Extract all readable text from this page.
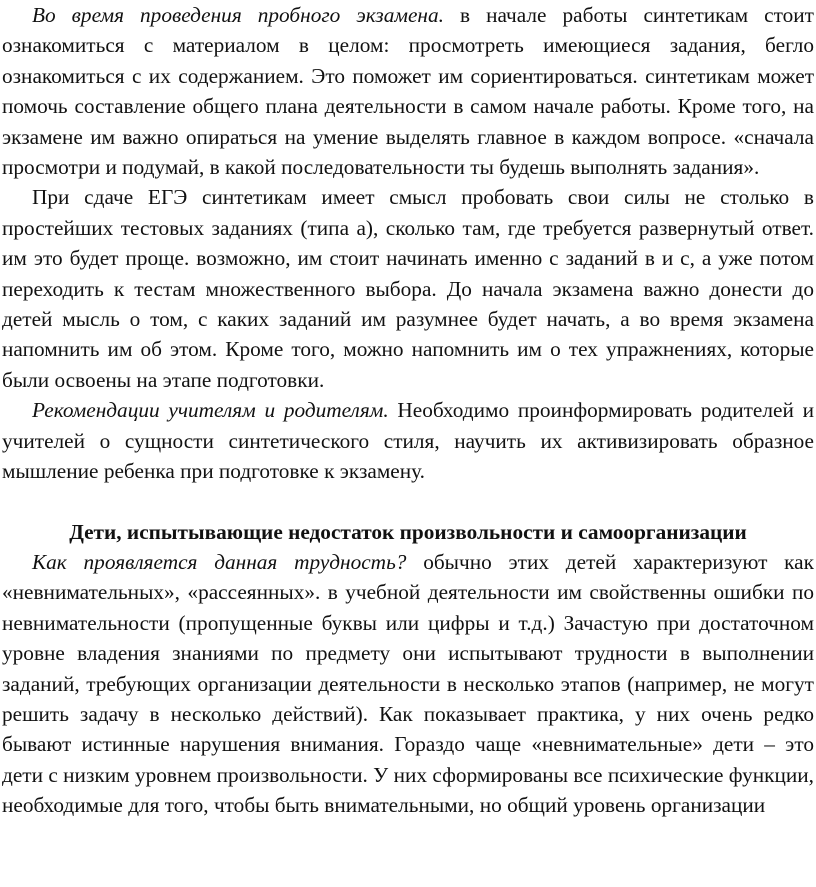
Во время проведения пробного экзамена. в начале работы синтетикам стоит ознакомиться с материалом в целом: просмотреть имеющиеся задания, бегло ознакомиться с их содержанием. Это поможет им сориентироваться. синтетикам может помочь составление общего плана деятельности в самом начале работы. Кроме того, на экзамене им важно опираться на умение выделять главное в каждом вопросе. «сначала просмотри и подумай, в какой последовательности ты будешь выполнять задания».

При сдаче ЕГЭ синтетикам имеет смысл пробовать свои силы не столько в простейших тестовых заданиях (типа а), сколько там, где требуется развернутый ответ. им это будет проще. возможно, им стоит начинать именно с заданий в и с, а уже потом переходить к тестам множественного выбора. До начала экзамена важно донести до детей мысль о том, с каких заданий им разумнее будет начать, а во время экзамена напомнить им об этом. Кроме того, можно напомнить им о тех упражнениях, которые были освоены на этапе подготовки.

Рекомендации учителям и родителям. Необходимо проинформировать родителей и учителей о сущности синтетического стиля, научить их активизировать образное мышление ребенка при подготовке к экзамену.

Дети, испытывающие недостаток произвольности и самоорганизации

Как проявляется данная трудность? обычно этих детей характеризуют как «невнимательных», «рассеянных». в учебной деятельности им свойственны ошибки по невнимательности (пропущенные буквы или цифры и т.д.) Зачастую при достаточном уровне владения знаниями по предмету они испытывают трудности в выполнении заданий, требующих организации деятельности в несколько этапов (например, не могут решить задачу в несколько действий). Как показывает практика, у них очень редко бывают истинные нарушения внимания. Гораздо чаще «невнимательные» дети – это дети с низким уровнем произвольности. У них сформированы все психические функции, необходимые для того, чтобы быть внимательными, но общий уровень организации
